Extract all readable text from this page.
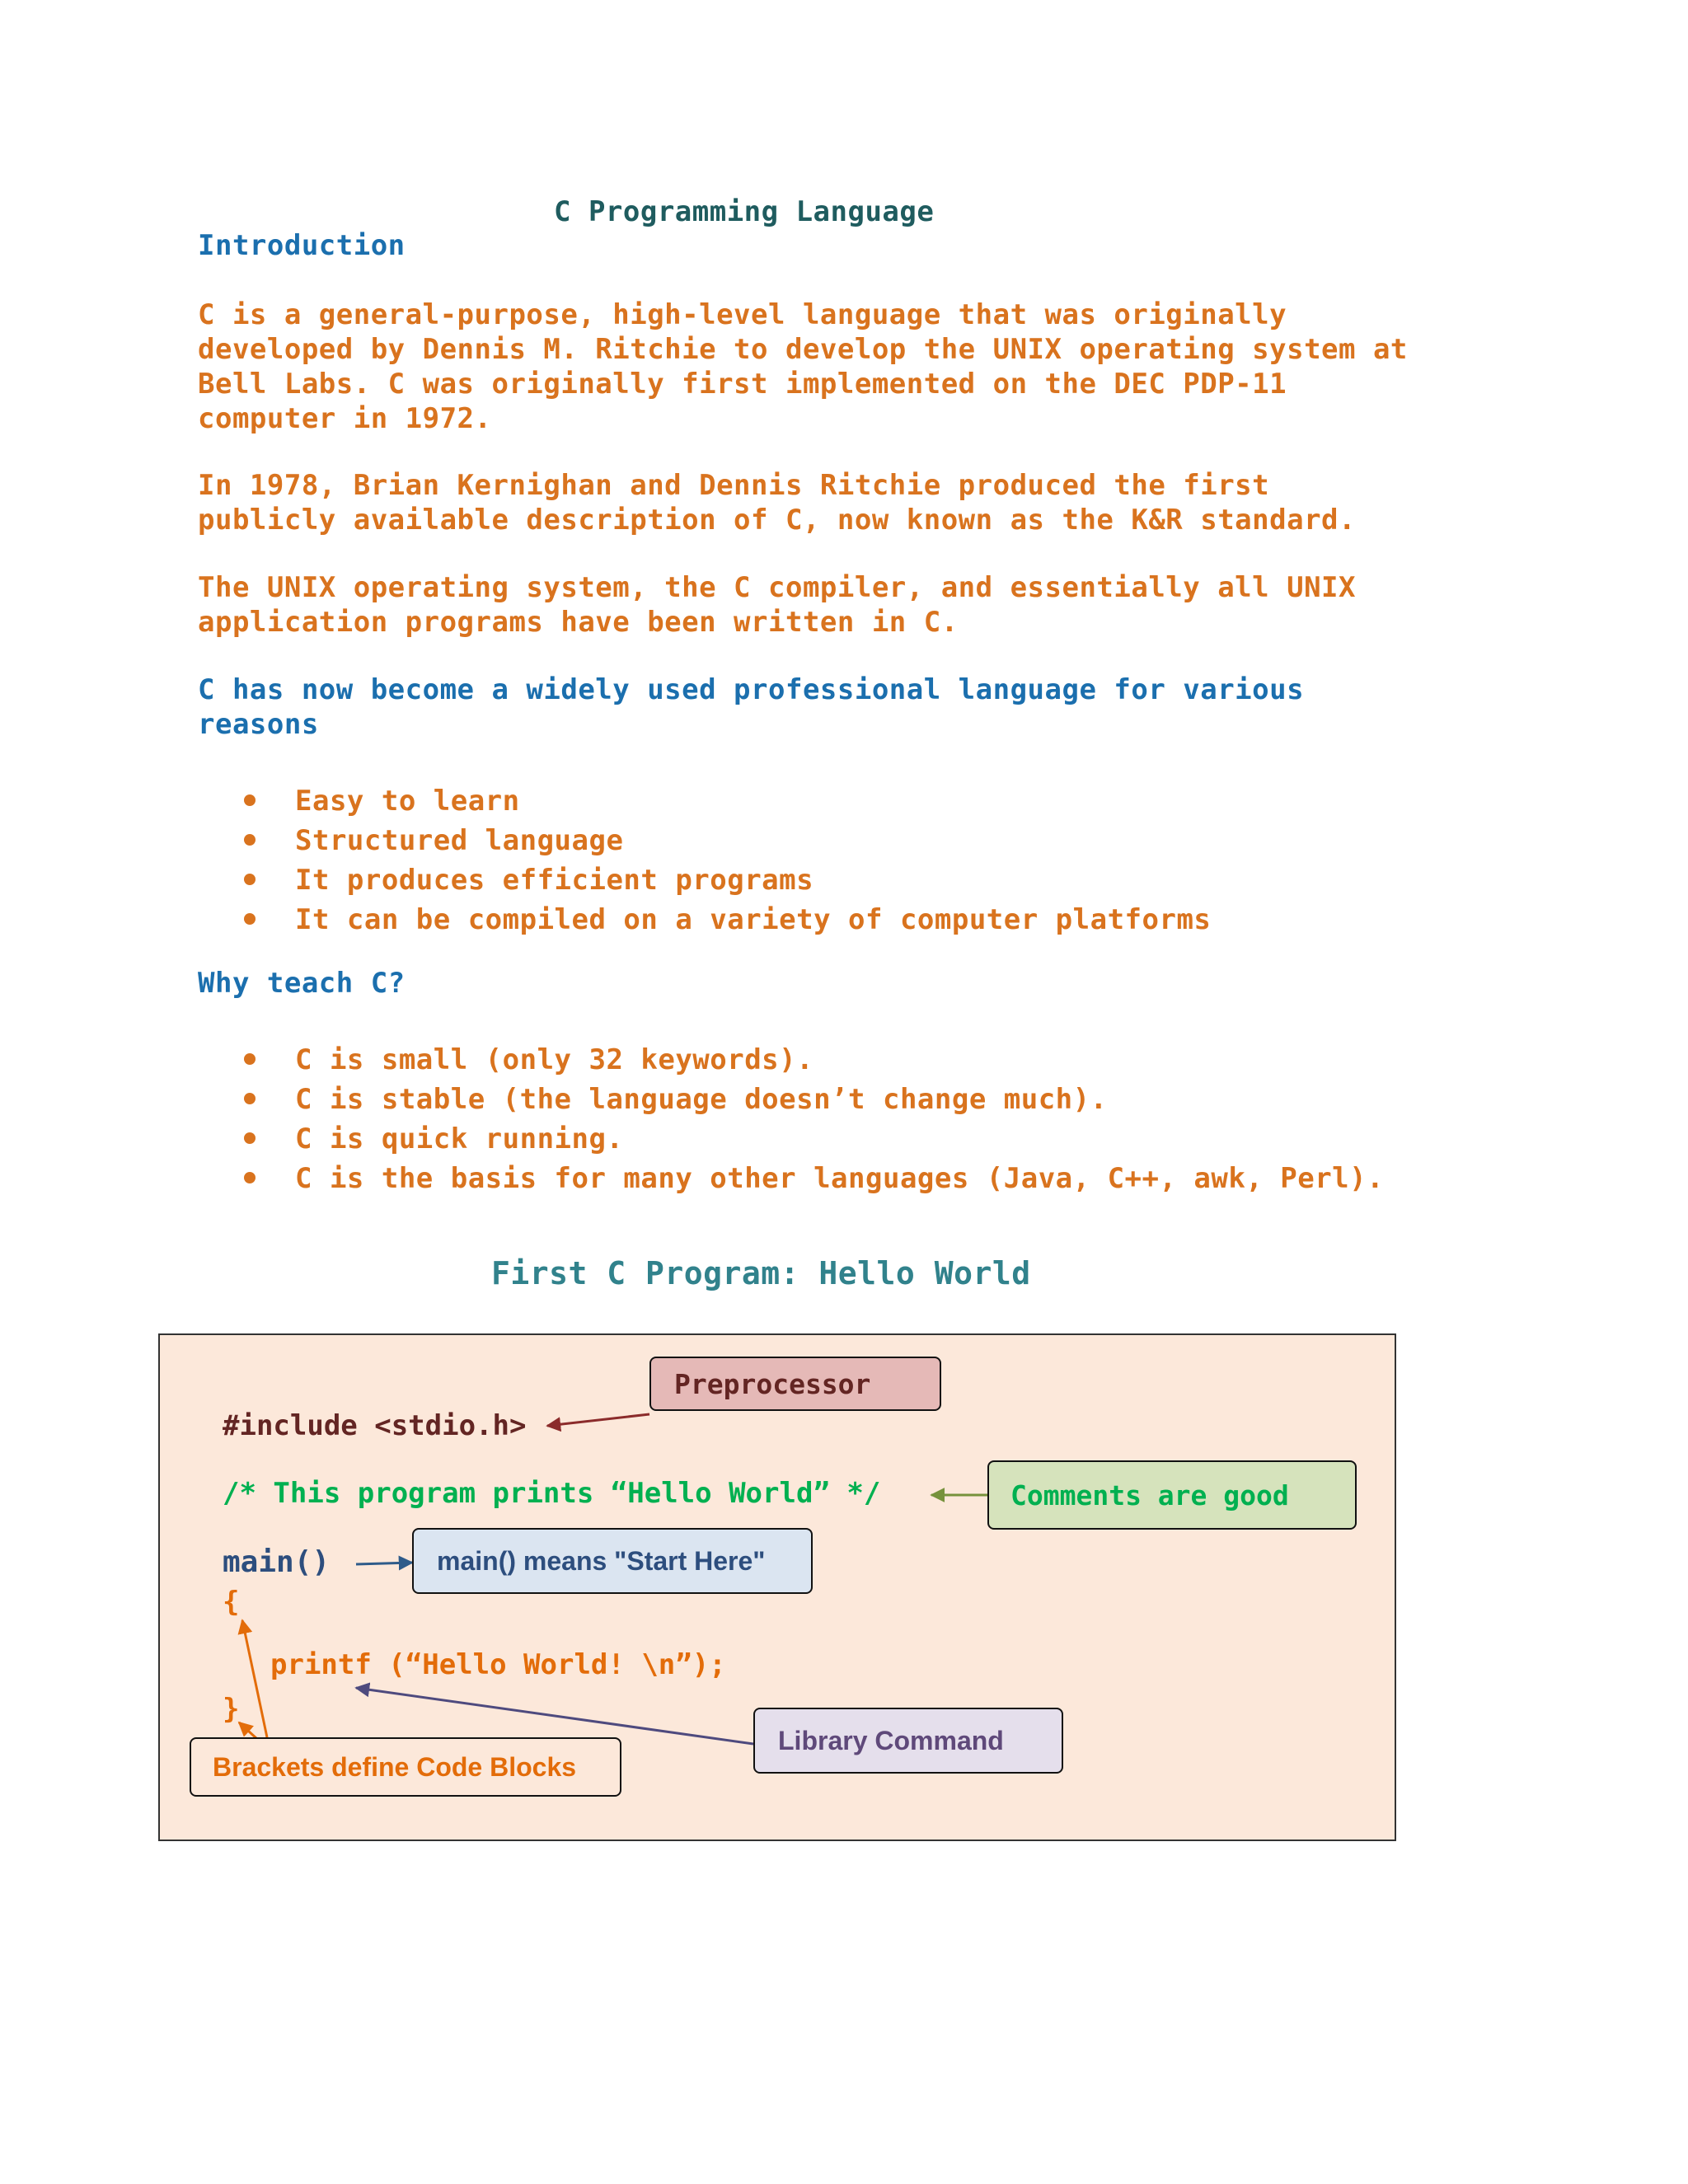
C Programming Language

Introduction

C is a general-purpose, high-level language that was originally
developed by Dennis M. Ritchie to develop the UNIX operating system at
Bell Labs. C was originally first implemented on the DEC PDP-11
computer in 1972.

In 1978, Brian Kernighan and Dennis Ritchie produced the first
publicly available description of C, now known as the K&R standard.

The UNIX operating system, the C compiler, and essentially all UNIX
application programs have been written in C.

C has now become a widely used professional language for various
reasons

Easy to learn
Structured language
It produces efficient programs
It can be compiled on a variety of computer platforms

Why teach C?

C is small (only 32 keywords).
C is stable (the language doesn’t change much).
C is quick running.
C is the basis for many other languages (Java, C++, awk, Perl).

First C Program: Hello World

#include <stdio.h>

/* This program prints “Hello World” */

main()

{

printf (“Hello World! \n”);

}

Preprocessor
Comments are good
main() means "Start Here"
Library Command
Brackets define Code Blocks
